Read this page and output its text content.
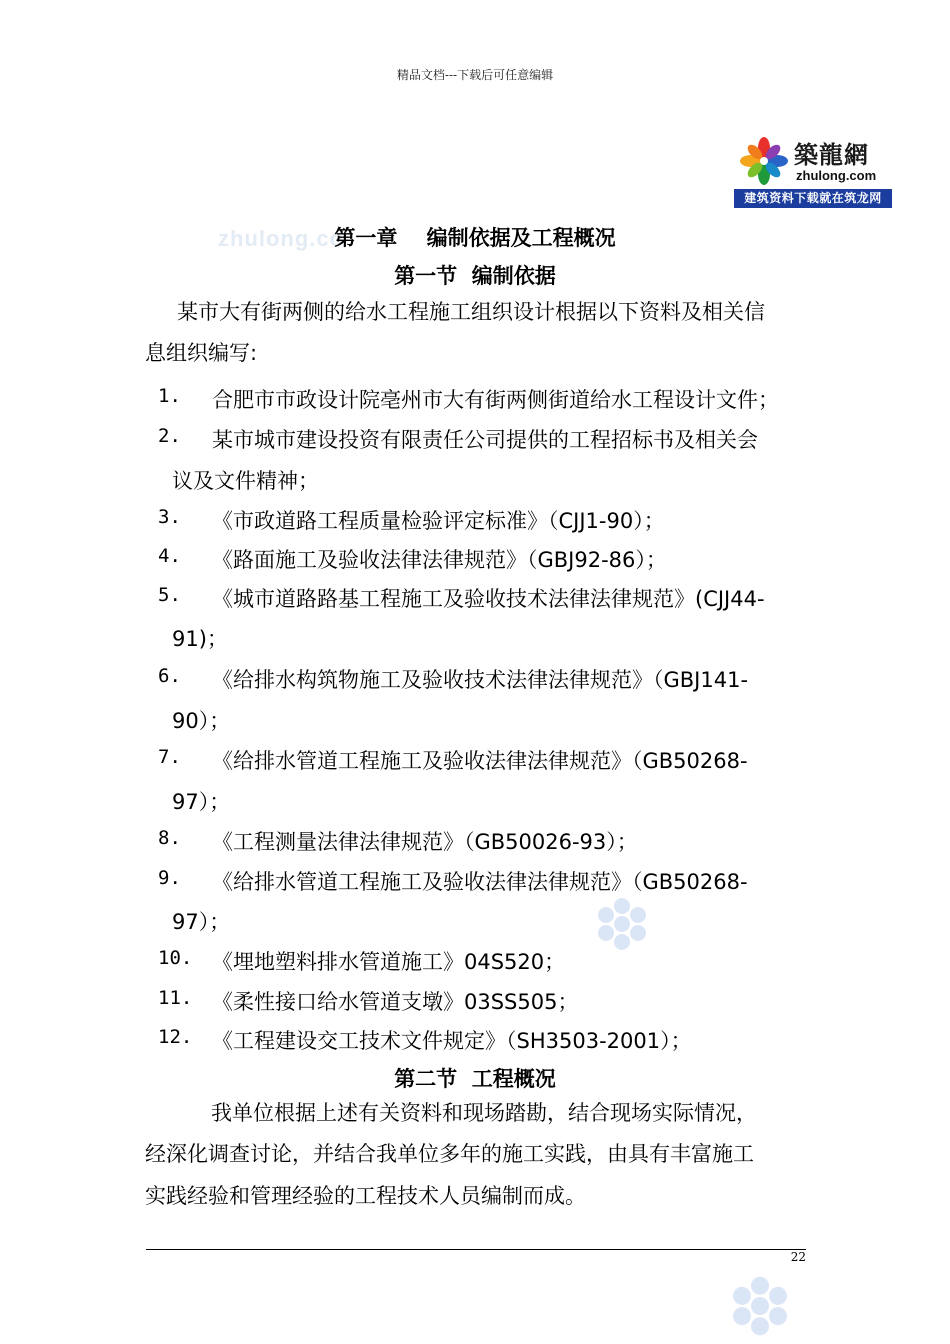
精品文档---下载后可任意编辑
築龍網
zhulong.com
建筑资料下载就在筑龙网
zhulong.co
第一章    编制依据及工程概况
第一节  编制依据
某市大有街两侧的给水工程施工组织设计根据以下资料及相关信
息组织编写:
1. 合肥市市政设计院亳州市大有街两侧街道给水工程设计文件；
2. 某市城市建设投资有限责任公司提供的工程招标书及相关会
议及文件精神；
3. 《市政道路工程质量检验评定标准》（CJJ1-90）；
4. 《路面施工及验收法律法律规范》（GBJ92-86）；
5. 《城市道路路基工程施工及验收技术法律法律规范》(CJJ44-
91)；
6. 《给排水构筑物施工及验收技术法律法律规范》（GBJ141-
90）；
7. 《给排水管道工程施工及验收法律法律规范》（GB50268-
97）；
8. 《工程测量法律法律规范》（GB50026-93）；
9. 《给排水管道工程施工及验收法律法律规范》（GB50268-
97）；
10. 《埋地塑料排水管道施工》04S520；
11. 《柔性接口给水管道支墩》03SS505；
12. 《工程建设交工技术文件规定》（SH3503-2001）；
第二节  工程概况
我单位根据上述有关资料和现场踏勘，结合现场实际情况，
经深化调查讨论，并结合我单位多年的施工实践，由具有丰富施工
实践经验和管理经验的工程技术人员编制而成。
22
